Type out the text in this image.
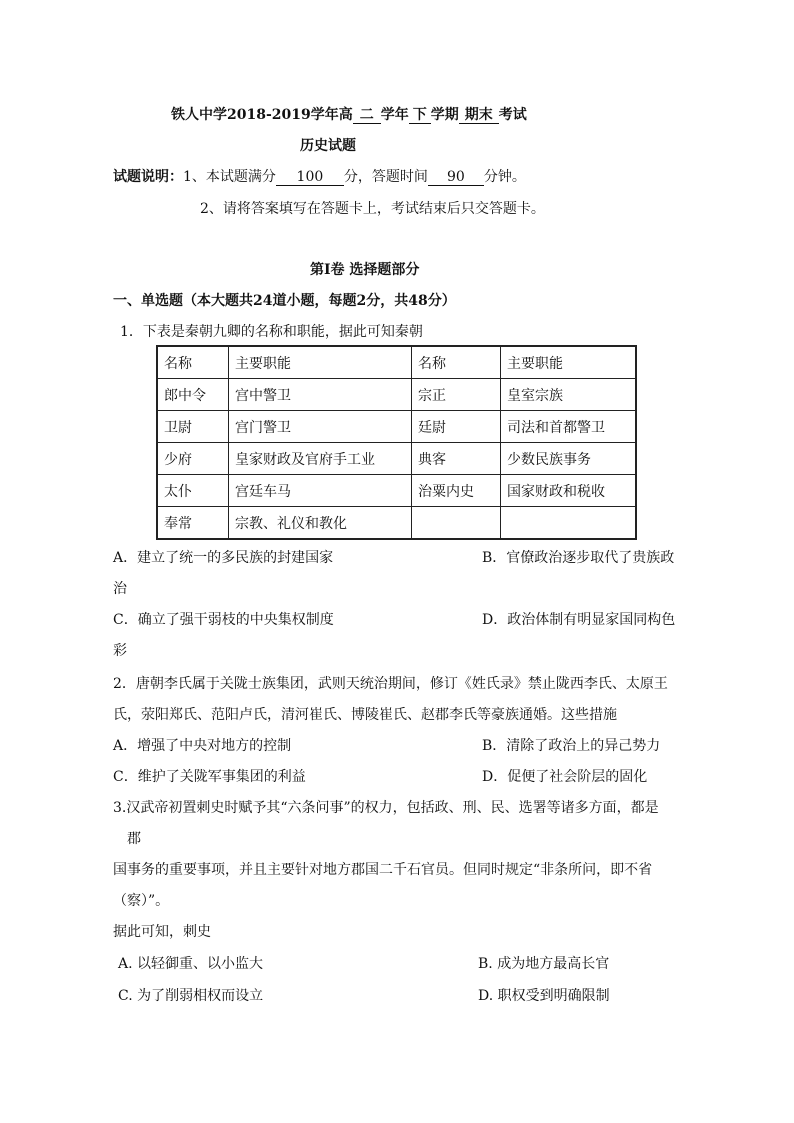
铁人中学2018-2019学年高 二 学年 下 学期 期末 考试
历史试题
试题说明：1、本试题满分 100 分，答题时间 90 分钟。
2、请将答案填写在答题卡上，考试结束后只交答题卡。
第Ⅰ卷 选择题部分
一、单选题（本大题共24道小题，每题2分，共48分）
1．下表是秦朝九卿的名称和职能，据此可知秦朝
名称	主要职能	名称	主要职能
郎中令	宫中警卫	宗正	皇室宗族
卫尉	宫门警卫	廷尉	司法和首都警卫
少府	皇家财政及官府手工业	典客	少数民族事务
太仆	宫廷车马	治粟内史	国家财政和税收
奉常	宗教、礼仪和教化		
A．建立了统一的多民族的封建国家	B．官僚政治逐步取代了贵族政
治
C．确立了强干弱枝的中央集权制度	D．政治体制有明显家国同构色
彩
2．唐朝李氏属于关陇士族集团，武则天统治期间，修订《姓氏录》禁止陇西李氏、太原王
氏，荥阳郑氏、范阳卢氏，清河崔氏、博陵崔氏、赵郡李氏等豪族通婚。这些措施
A．增强了中央对地方的控制	B．清除了政治上的异己势力
C．维护了关陇军事集团的利益	D．促便了社会阶层的固化
3.汉武帝初置刺史时赋予其“六条问事”的权力，包括政、刑、民、选署等诸多方面，都是
郡
国事务的重要事项，并且主要针对地方郡国二千石官员。但同时规定“非条所问，即不省
（察）”。
据此可知，刺史
A. 以轻御重、以小监大	B. 成为地方最高长官
C. 为了削弱相权而设立	D. 职权受到明确限制
